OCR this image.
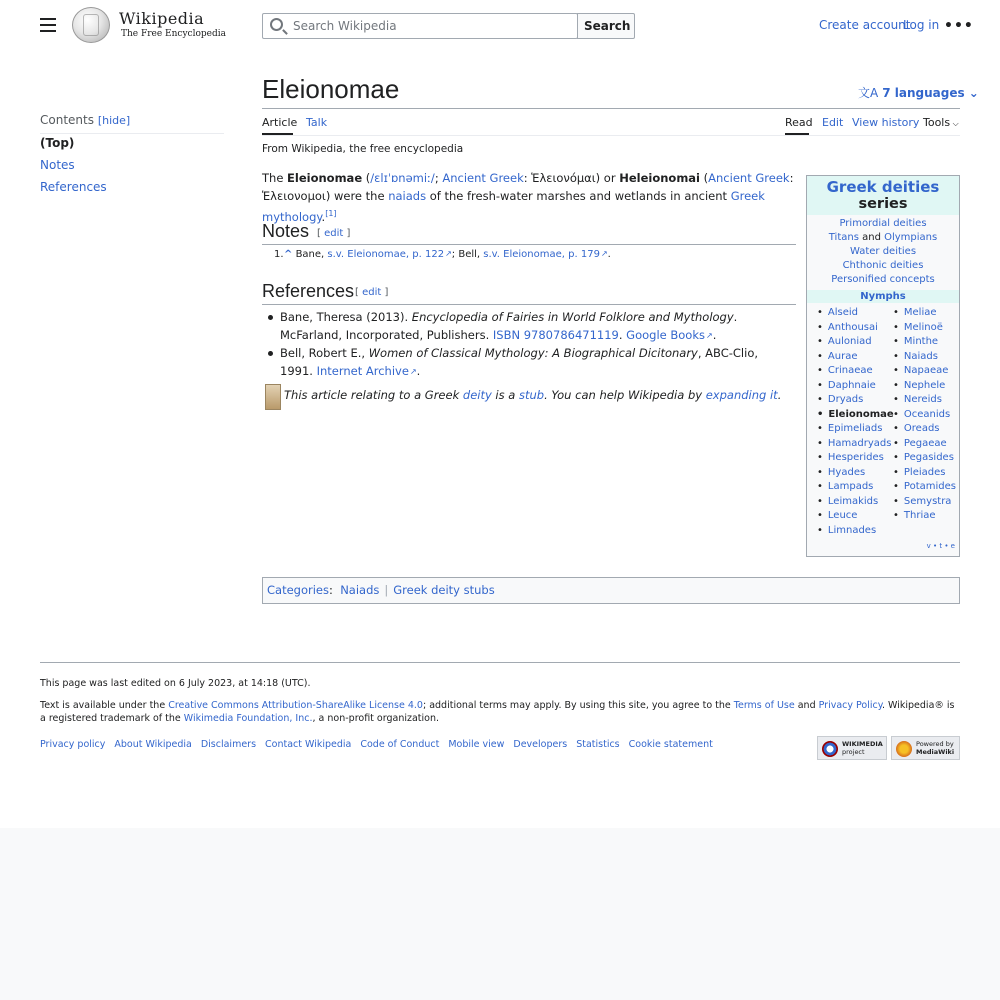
Wikipedia
The Free Encyclopedia
Search Wikipedia
Search	Create account
Log in •••
Contents [hide]
(Top)
Notes
References
Eleionomae	文A 7 languages ⌄
Article Talk	Read Edit View history Tools ⌵
From Wikipedia, the free encyclopedia

The Eleionomae (/ɛlɪˈɒnəmiː/; Ancient Greek: Ἑλειονόμαι) or Heleionomai (Ancient Greek: Ἑλειονομοι) were the naiads of the fresh-water marshes and wetlands in ancient Greek mythology.[1]

Notes [ edit ]
^ Bane, s.v. Eleionomae, p. 122 ↗ ; Bell, s.v. Eleionomae, p. 179 ↗ .
1.
References [ edit ]
Bane, Theresa (2013). Encyclopedia of Fairies in World Folklore and Mythology. McFarland, Incorporated, Publishers. ISBN 9780786471119. Google Books ↗ .
Bell, Robert E., Women of Classical Mythology: A Biographical Dicitonary, ABC-Clio, 1991. Internet Archive ↗ .
This article relating to a Greek deity is a stub. You can help Wikipedia by expanding it.
Categories: Naiads | Greek deity stubs
Greek deities
series
Primordial deities
Titans and Olympians
Water deities
Chthonic deities
Personified concepts
Nymphs
• Alseid
• Anthousai
• Auloniad
• Aurae
• Crinaeae
• Daphnaie
• Dryads
• Eleionomae
• Epimeliads
• Hamadryads
• Hesperides
• Hyades
• Lampads
• Leimakids
• Leuce
• Limnades
• Meliae
• Melinoë
• Minthe
• Naiads
• Napaeae
• Nephele
• Nereids
• Oceanids
• Oreads
• Pegaeae
• Pegasides
• Pleiades
• Potamides
• Semystra
• Thriae
v • t • e
This page was last edited on 6 July 2023, at 14:18 (UTC).
Text is available under the Creative Commons Attribution-ShareAlike License 4.0; additional terms may apply. By using this site, you agree to the Terms of Use and Privacy Policy. Wikipedia® is a registered trademark of the Wikimedia Foundation, Inc., a non-profit organization.
Privacy policy About Wikipedia Disclaimers Contact Wikipedia Code of Conduct Mobile view Developers Statistics Cookie statement	WIKIMEDIA
project
Powered by
MediaWiki
